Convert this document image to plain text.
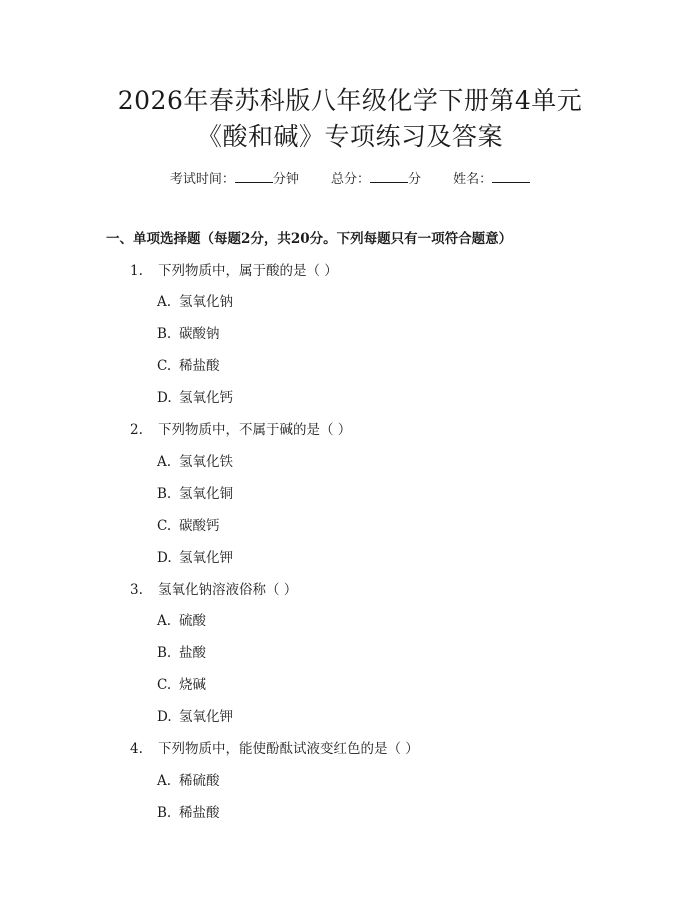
2026年春苏科版八年级化学下册第4单元
《酸和碱》专项练习及答案
考试时间：	分钟 总分：	分 姓名：
一、单项选择题（每题2分，共20分。下列每题只有一项符合题意）
1. 下列物质中，属于酸的是（ ）
A. 氢氧化钠
B. 碳酸钠
C. 稀盐酸
D. 氢氧化钙
2. 下列物质中，不属于碱的是（ ）
A. 氢氧化铁
B. 氢氧化铜
C. 碳酸钙
D. 氢氧化钾
3. 氢氧化钠溶液俗称（ ）
A. 硫酸
B. 盐酸
C. 烧碱
D. 氢氧化钾
4. 下列物质中，能使酚酞试液变红色的是（ ）
A. 稀硫酸
B. 稀盐酸
